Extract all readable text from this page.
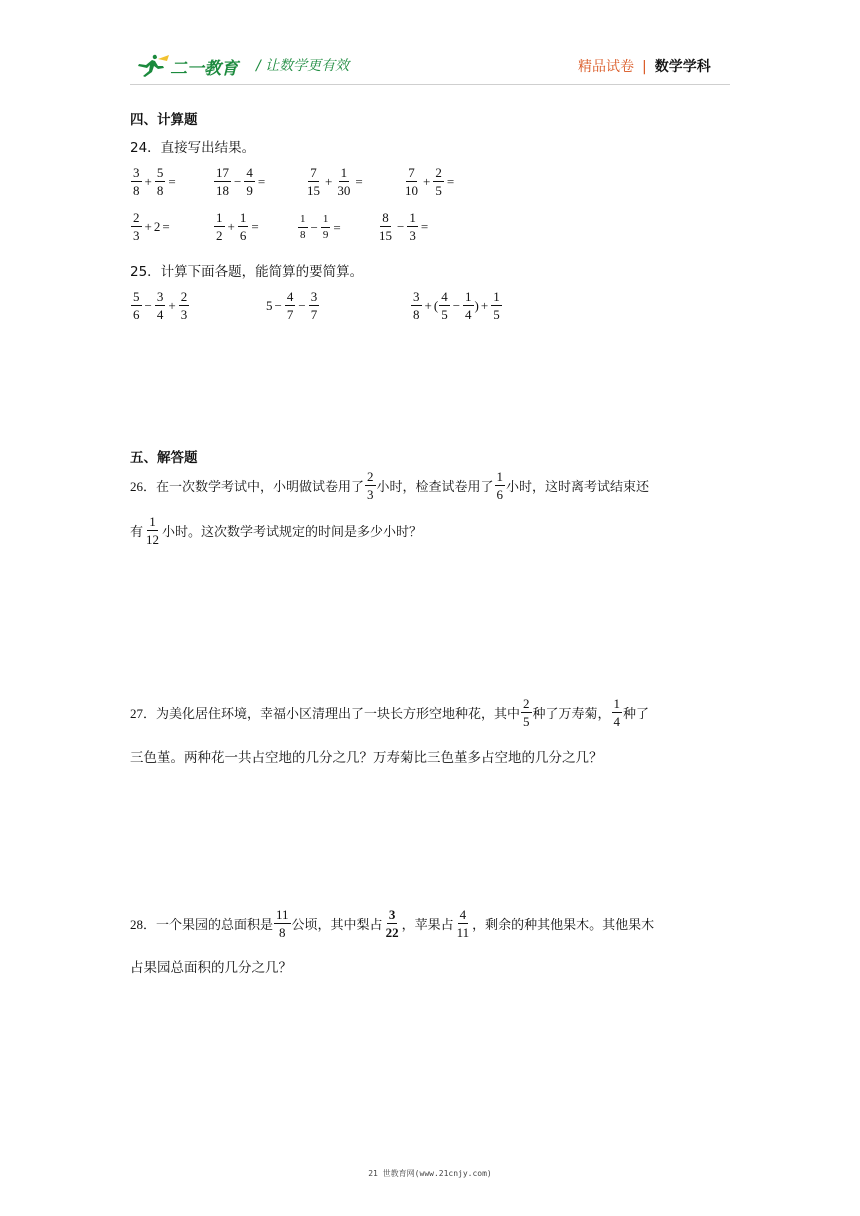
二一教育 / 让数学更有效	精品试卷 | 数学学科
四、计算题
24．直接写出结果。
$\frac{3}{8} + \frac{5}{8}$ =	$\frac{17}{18} - \frac{4}{9}$ =	$\frac{7}{15} + \frac{1}{30}$ =	$\frac{7}{10} + \frac{2}{5}$ =
$\frac{2}{3} + 2$ =	$\frac{1}{2} + \frac{1}{6}$ =	$\frac{1}{8} - \frac{1}{9}$ =	$\frac{8}{15} - \frac{1}{3}$ =
25．计算下面各题，能简算的要简算。
$\frac{5}{6} - \frac{3}{4} + \frac{2}{3}$	$5 - \frac{4}{7} - \frac{3}{7}$	$\frac{3}{8}$ + ( $\frac{4}{5} - \frac{1}{4}$ ) + $\frac{1}{5}$
五、解答题
26．在一次数学考试中，小明做试卷用了 $\frac{2}{3}$ 小时，检查试卷用了 $\frac{1}{6}$ 小时，这时离考试结束还
有 $\frac{1}{12}$ 小时。这次数学考试规定的时间是多少小时？
27．为美化居住环境，幸福小区清理出了一块长方形空地种花，其中 $\frac{2}{5}$ 种了万寿菊， $\frac{1}{4}$ 种了
三色堇。两种花一共占空地的几分之几？万寿菊比三色堇多占空地的几分之几？
28．一个果园的总面积是 $\frac{11}{8}$ 公顷，其中梨占 $\frac{3}{22}$ ，苹果占 $\frac{4}{11}$ ，剩余的种其他果木。其他果木
占果园总面积的几分之几？
21 世教育网(www.21cnjy.com)
